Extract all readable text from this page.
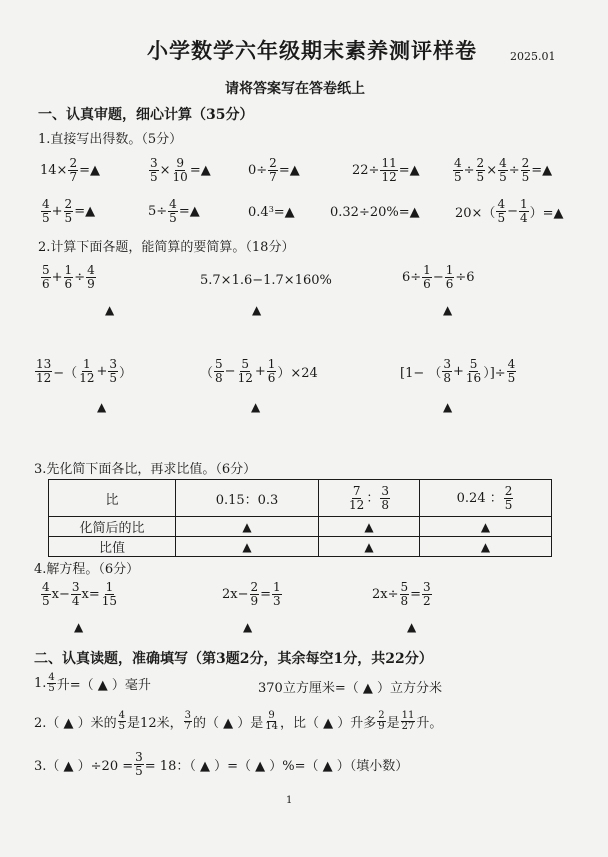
小学数学六年级期末素养测评样卷	2025.01
请将答案写在答卷纸上
一、认真审题，细心计算（35分）
1.直接写出得数。（5分）
$14\times \frac{2}{7}$ =▲	$\frac{3}{5} \times \frac{9}{10}$ =▲	$0\div \frac{2}{7}$ =▲	$22\div \frac{11}{12}$ =▲	$\frac{4}{5} \div \frac{2}{5} \times \frac{4}{5} \div \frac{2}{5}$ =▲
4
$5 + \frac{2}{5}$ =▲	$5\div \frac{4}{5}$ =▲	$0.4^3$ =▲	0.32÷20%=▲	20×（
4
$5 - \frac{1}{4}$ ）=▲
2.计算下面各题，能简算的要简算。（18分）
5
$6 + \frac{1}{6} \div \frac{4}{9}$	5.7×1.6−1.7×160%	$6\div \frac{1}{6} - \frac{1}{6} \div 6$
▲	▲	▲
13
12 −（
1
$12 + \frac{3}{5}$ ）	（
5
$8 - \frac{5}{12} + \frac{1}{6} )\times 24$	[1− （
3
$8 + \frac{5}{16}$ ）]÷ $\frac{4}{5}$
▲	▲	▲
3.先化简下面各比，再求比值。（6分）
比	0.15：0.3	$\frac{7}{12}$ ： $\frac{3}{8}$	0.24 ： $\frac{2}{5}$

化简后的比	▲	▲	▲
比值	▲	▲	▲
4.解方程。（6分）
4
5 $x - \frac{3}{4} x= \frac{1}{15}$	$2x- \frac{2}{9} = \frac{1}{3}$	$2x\div \frac{5}{8} = \frac{3}{2}$
▲	▲	▲
二、认真读题，准确填写（第3题2分，其余每空1分，共22分）
1. 4
5 升=（ ▲ ）毫升	370立方厘米=（ ▲ ）立方分米
2.（ ▲ ）米的
4
5 是12米，
3
7 的（ ▲ ）是
9
14 ，比（ ▲ ）升多
2
9 是
11
27 升。
3.（ ▲ ）$\div 20 = \frac{3}{5} = 18$：（ ▲ ）=（ ▲ ）%=（ ▲ ）（填小数）
1
